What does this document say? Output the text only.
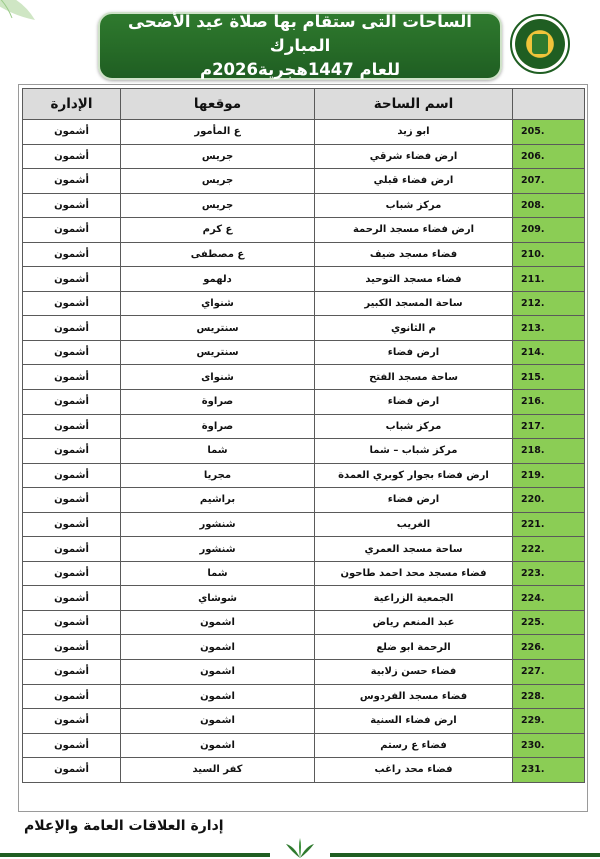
الساحات التى ستقام بها صلاة عيد الأضحى المبارك
للعام 1447هجرية2026م
	اسم الساحة	موقعها	الإدارة
.205	ابو زيد	ع المأمور	أشمون
.206	ارض فضاء شرقي	جريس	أشمون
.207	ارض فضاء قبلي	جريس	أشمون
.208	مركز شباب	جريس	أشمون
.209	ارض فضاء مسجد الرحمة	ع كرم	أشمون
.210	فضاء مسجد ضيف	ع مصطفى	أشمون
.211	فضاء مسجد التوحيد	دلهمو	أشمون
.212	ساحة المسجد الكبير	شنواي	أشمون
.213	م الثانوي	سنتريس	أشمون
.214	ارض فضاء	سنتريس	أشمون
.215	ساحة مسجد الفتح	شنواى	أشمون
.216	ارض فضاء	صراوة	أشمون
.217	مركز شباب	صراوة	أشمون
.218	مركز شباب – شما	شما	أشمون
.219	ارض فضاء بجوار كوبري العمدة	مجريا	أشمون
.220	ارض فضاء	براشيم	أشمون
.221	الغريب	شنشور	أشمون
.222	ساحة مسجد العمري	شنشور	أشمون
.223	فضاء مسجد محد احمد طاحون	شما	أشمون
.224	الجمعية الزراعية	شوشاي	أشمون
.225	عبد المنعم رياض	اشمون	أشمون
.226	الرحمة ابو ضلع	اشمون	أشمون
.227	فضاء حسن زلابية	اشمون	أشمون
.228	فضاء مسجد الفردوس	اشمون	أشمون
.229	ارض فضاء السنية	اشمون	أشمون
.230	فضاء ع رستم	اشمون	أشمون
.231	فضاء محد راغب	كفر السيد	أشمون
إدارة العلاقات العامة والإعلام
